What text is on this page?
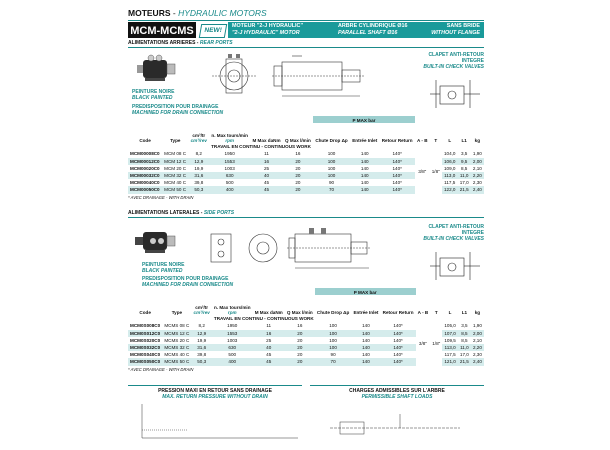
MOTEURS - HYDRAULIC MOTORS
MCM-MCMS	NEW!
MOTEUR "2-J HYDRAULIC"
"2-J HYDRAULIC" MOTOR
ARBRE CYLINDRIQUE Ø16
PARALLEL SHAFT Ø16
SANS BRIDE
WITHOUT FLANGE
ALIMENTATIONS ARRIERES - REAR PORTS
PEINTURE NOIRE
BLACK PAINTED
CLAPET ANTI-RETOUR
INTEGRE
BUILT-IN CHECK VALVES
PREDISPOSITION POUR DRAINAGE
MACHINED FOR DRAIN CONNECTION
						P MAX bar							
Code	Type	cm³/tr
cm³/rev	n. Max tours/min
rpm	M Max daNm	Q Max l/min	Chute Drop Δp	Entrée Inlet	Retour Return	A - B	T	L	L1	kg
			TRAVAIL EN CONTINU - CONTINUOUS WORK										
MCM00008C0	MCM 08 C	8,2	1950	11	16	100	140	140*	3/8"	1/8"	104,0	3,5	1,90
MCM00012C0	MCM 12 C	12,9	1553	16	20	100	140	140*			106,0	9,5	2,00
MCM00020C0	MCM 20 C	19,9	1003	25	20	100	140	140*			109,0	8,5	2,10
MCM00032C0	MCM 32 C	31,6	630	40	20	100	140	140*			113,0	11,0	2,20
MCM00040C0	MCM 40 C	39,8	500	45	20	90	140	140*			117,5	17,0	2,30
MCM00050C0	MCM 50 C	50,3	400	45	20	70	140	140*			122,0	21,5	2,40
* AVEC DRAINAGE - WITH DRAIN
ALIMENTATIONS LATERALES - SIDE PORTS
PEINTURE NOIRE
BLACK PAINTED
CLAPET ANTI-RETOUR
INTEGRE
BUILT-IN CHECK VALVES
PREDISPOSITION POUR DRAINAGE
MACHINED FOR DRAIN CONNECTION
						P MAX bar							
Code	Type	cm³/tr
cm³/rev	n. Max tours/min
rpm	M Max daNm	Q Max l/min	Chute Drop Δp	Entrée Inlet	Retour Return	A - B	T	L	L1	kg
			TRAVAIL EN CONTINU - CONTINUOUS WORK										
MCM0S008C0	MCMS 08 C	8,2	1950	11	16	100	140	140*	3/8"	1/8"	105,0	3,5	1,90
MCM0S012C0	MCMS 12 C	12,9	1553	16	20	100	140	140*			107,0	8,5	2,00
MCM0S020C0	MCMS 20 C	19,9	1003	25	20	100	140	140*			109,5	8,5	2,10
MCM0S032C0	MCMS 32 C	31,6	630	40	20	100	140	140*			113,0	11,0	2,20
MCM0S040C0	MCMS 40 C	39,8	500	45	20	90	140	140*			117,5	17,0	2,30
MCM0S050C0	MCMS 50 C	50,3	400	45	20	70	140	140*			121,0	21,5	2,40
* AVEC DRAINAGE - WITH DRAIN
PRESSION MAXI EN RETOUR SANS DRAINAGE
MAX. RETURN PRESSURE WITHOUT DRAIN
CHARGES ADMISSIBLES SUR L'ARBRE
PERMISSIBLE SHAFT LOADS
